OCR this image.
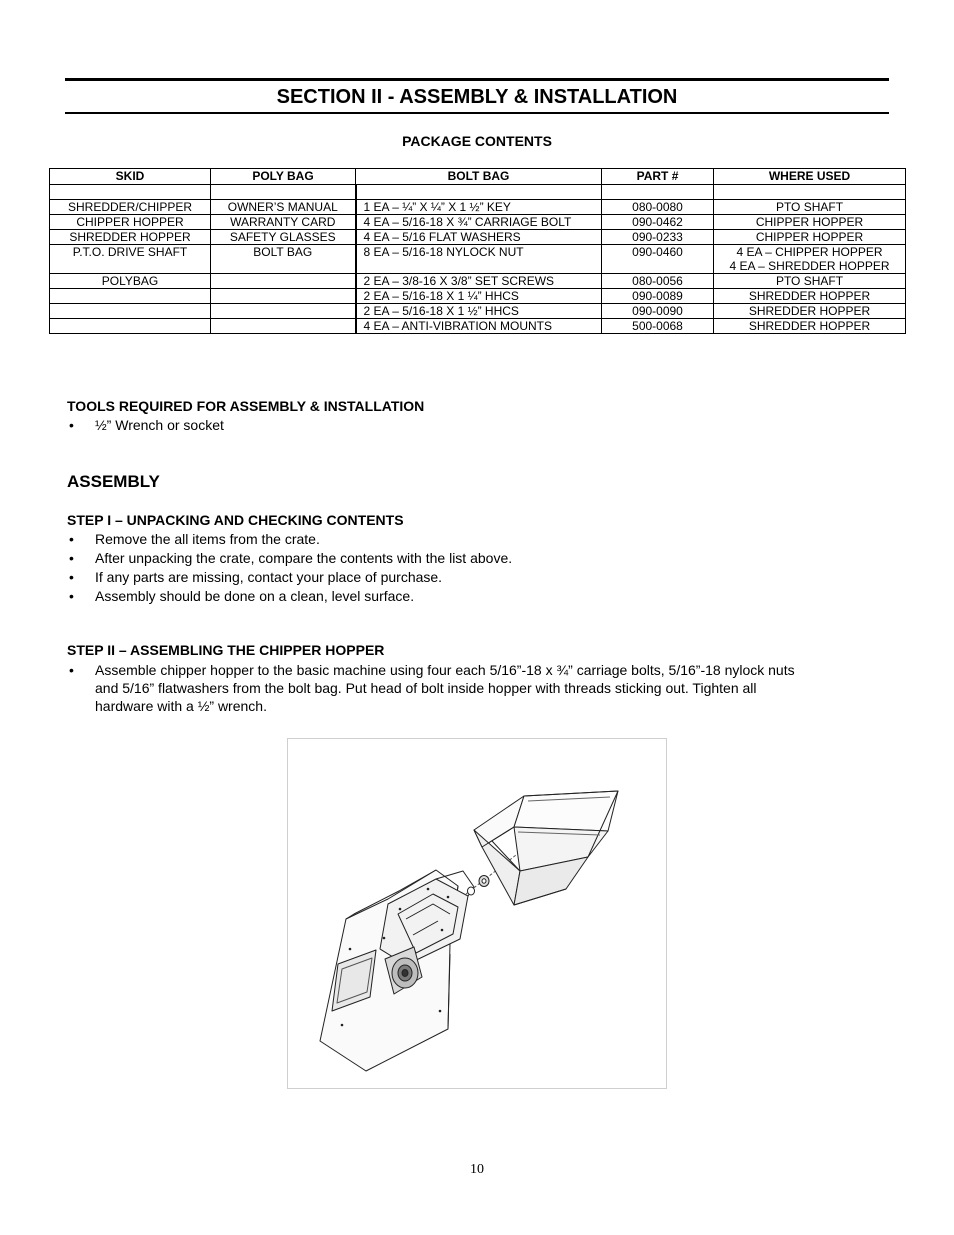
SECTION II - ASSEMBLY & INSTALLATION
PACKAGE CONTENTS
SKID	POLY BAG	BOLT BAG	PART #	WHERE USED

SHREDDER/CHIPPER	OWNER’S MANUAL	1 EA – ¼” X ¼” X 1 ½” KEY	080-0080	PTO SHAFT
CHIPPER HOPPER	WARRANTY CARD	4 EA – 5/16-18 X ¾” CARRIAGE BOLT	090-0462	CHIPPER HOPPER
SHREDDER HOPPER	SAFETY GLASSES	4 EA – 5/16 FLAT WASHERS	090-0233	CHIPPER HOPPER
P.T.O. DRIVE SHAFT	BOLT BAG	8 EA – 5/16-18 NYLOCK NUT	090-0460	4 EA – CHIPPER HOPPER
4 EA – SHREDDER HOPPER

POLYBAG		2 EA – 3/8-16 X 3/8” SET SCREWS	080-0056	PTO SHAFT
		2 EA – 5/16-18 X 1 ¼” HHCS	090-0089	SHREDDER HOPPER
		2 EA – 5/16-18 X 1 ½” HHCS	090-0090	SHREDDER HOPPER
		4 EA – ANTI-VIBRATION MOUNTS	500-0068	SHREDDER HOPPER
TOOLS REQUIRED FOR ASSEMBLY & INSTALLATION
• ½” Wrench or socket
ASSEMBLY
STEP I – UNPACKING AND CHECKING CONTENTS
• Remove the all items from the crate.
• After unpacking the crate, compare the contents with the list above.
• If any parts are missing, contact your place of purchase.
• Assembly should be done on a clean, level surface.
STEP II – ASSEMBLING THE CHIPPER HOPPER
• Assemble chipper hopper to the basic machine using four each 5/16”-18 x ¾” carriage bolts, 5/16”-18 nylock nuts
and 5/16” flatwashers from the bolt bag. Put head of bolt inside hopper with threads sticking out. Tighten all
hardware with a ½” wrench.
10
